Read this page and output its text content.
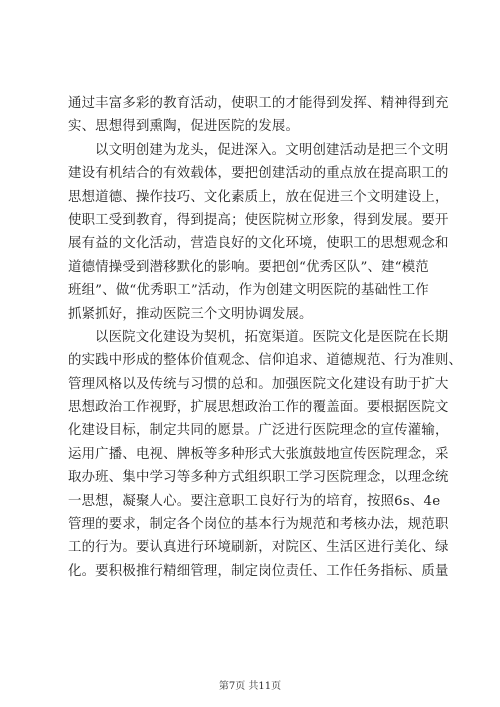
通过丰富多彩的教育活动，使职工的才能得到发挥、精神得到充
实、思想得到熏陶，促进医院的发展。
以文明创建为龙头，促进深入。文明创建活动是把三个文明
建设有机结合的有效载体，要把创建活动的重点放在提高职工的
思想道德、操作技巧、文化素质上，放在促进三个文明建设上，
使职工受到教育，得到提高；使医院树立形象，得到发展。要开
展有益的文化活动，营造良好的文化环境，使职工的思想观念和
道德情操受到潜移默化的影响。要把创“优秀区队”、建“模范
班组”、做“优秀职工”活动，作为创建文明医院的基础性工作
抓紧抓好，推动医院三个文明协调发展。
以医院文化建设为契机，拓宽渠道。医院文化是医院在长期
的实践中形成的整体价值观念、信仰追求、道德规范、行为准则、
管理风格以及传统与习惯的总和。加强医院文化建设有助于扩大
思想政治工作视野，扩展思想政治工作的覆盖面。要根据医院文
化建设目标，制定共同的愿景。广泛进行医院理念的宣传灌输，
运用广播、电视、牌板等多种形式大张旗鼓地宣传医院理念，采
取办班、集中学习等多种方式组织职工学习医院理念，以理念统
一思想，凝聚人心。要注意职工良好行为的培育，按照6s、4e
管理的要求，制定各个岗位的基本行为规范和考核办法，规范职
工的行为。要认真进行环境刷新，对院区、生活区进行美化、绿
化。要积极推行精细管理，制定岗位责任、工作任务指标、质量
第7页 共11页
